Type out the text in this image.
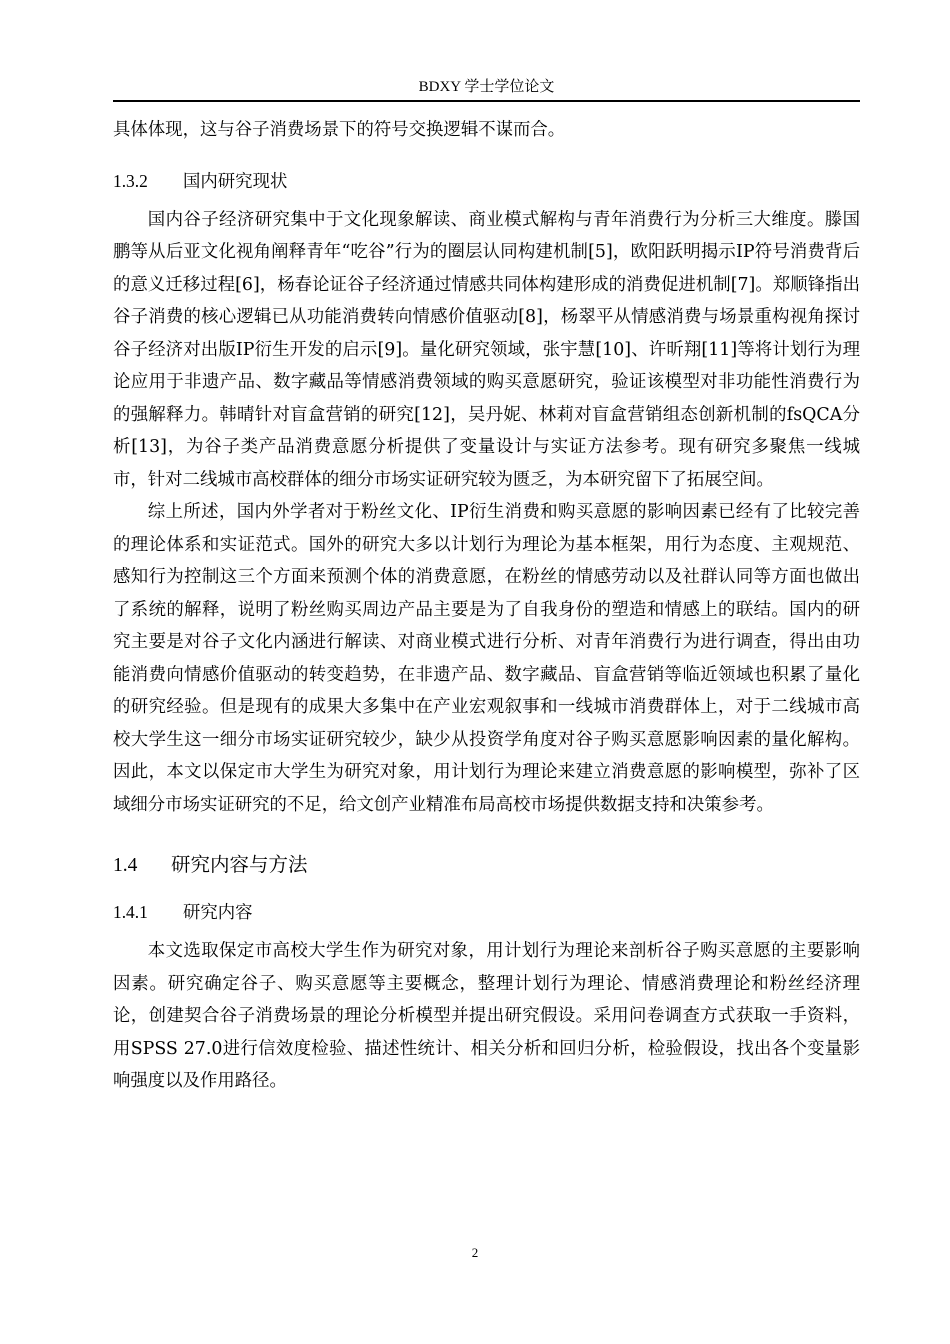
BDXY 学士学位论文

具体体现，这与谷子消费场景下的符号交换逻辑不谋而合。

1.3.2 国内研究现状

国内谷子经济研究集中于文化现象解读、商业模式解构与青年消费行为分析三大维度。滕国鹏等从后亚文化视角阐释青年“吃谷”行为的圈层认同构建机制[5]，欧阳跃明揭示IP符号消费背后的意义迁移过程[6]，杨春论证谷子经济通过情感共同体构建形成的消费促进机制[7]。郑顺锋指出谷子消费的核心逻辑已从功能消费转向情感价值驱动[8]，杨翠平从情感消费与场景重构视角探讨谷子经济对出版IP衍生开发的启示[9]。量化研究领域，张宇慧[10]、许昕翔[11]等将计划行为理论应用于非遗产品、数字藏品等情感消费领域的购买意愿研究，验证该模型对非功能性消费行为的强解释力。韩晴针对盲盒营销的研究[12]，吴丹妮、林莉对盲盒营销组态创新机制的fsQCA分析[13]，为谷子类产品消费意愿分析提供了变量设计与实证方法参考。现有研究多聚焦一线城市，针对二线城市高校群体的细分市场实证研究较为匮乏，为本研究留下了拓展空间。

综上所述，国内外学者对于粉丝文化、IP衍生消费和购买意愿的影响因素已经有了比较完善的理论体系和实证范式。国外的研究大多以计划行为理论为基本框架，用行为态度、主观规范、感知行为控制这三个方面来预测个体的消费意愿，在粉丝的情感劳动以及社群认同等方面也做出了系统的解释，说明了粉丝购买周边产品主要是为了自我身份的塑造和情感上的联结。国内的研究主要是对谷子文化内涵进行解读、对商业模式进行分析、对青年消费行为进行调查，得出由功能消费向情感价值驱动的转变趋势，在非遗产品、数字藏品、盲盒营销等临近领域也积累了量化的研究经验。但是现有的成果大多集中在产业宏观叙事和一线城市消费群体上，对于二线城市高校大学生这一细分市场实证研究较少，缺少从投资学角度对谷子购买意愿影响因素的量化解构。因此，本文以保定市大学生为研究对象，用计划行为理论来建立消费意愿的影响模型，弥补了区域细分市场实证研究的不足，给文创产业精准布局高校市场提供数据支持和决策参考。

1.4 研究内容与方法
1.4.1 研究内容

本文选取保定市高校大学生作为研究对象，用计划行为理论来剖析谷子购买意愿的主要影响因素。研究确定谷子、购买意愿等主要概念，整理计划行为理论、情感消费理论和粉丝经济理论，创建契合谷子消费场景的理论分析模型并提出研究假设。采用问卷调查方式获取一手资料，用SPSS 27.0进行信效度检验、描述性统计、相关分析和回归分析，检验假设，找出各个变量影响强度以及作用路径。

2
